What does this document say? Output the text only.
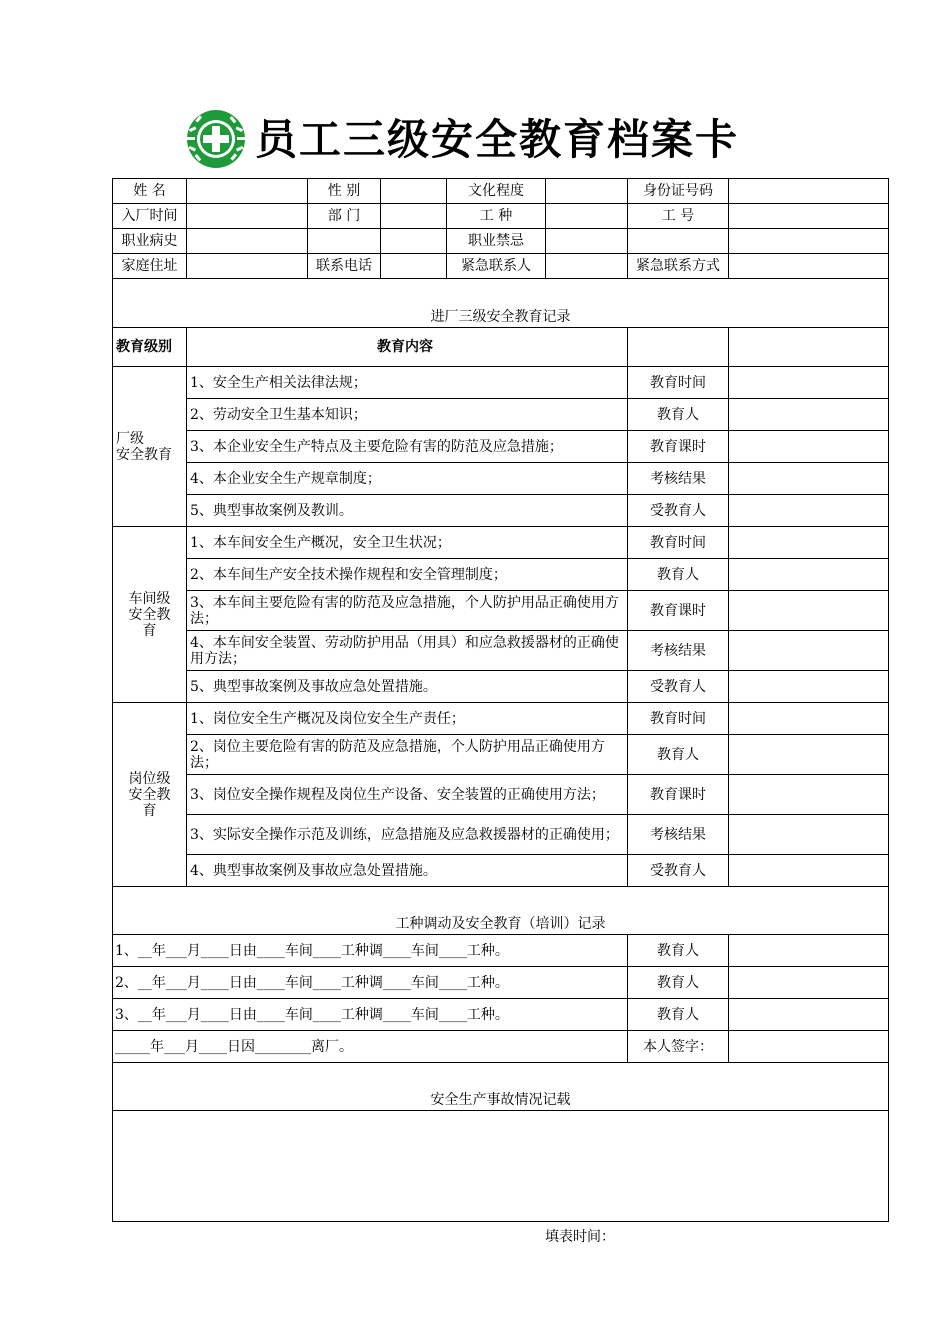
员工三级安全教育档案卡
姓 名		性 别		文化程度		身份证号码	
入厂时间		部 门		工 种		工 号	
职业病史				职业禁忌			
家庭住址		联系电话		紧急联系人		紧急联系方式	
进厂三级安全教育记录							
教育级别	教育内容						
厂级
安全教育	1、安全生产相关法律法规；					教育时间	
	2、劳动安全卫生基本知识；					教育人	
	3、本企业安全生产特点及主要危险有害的防范及应急措施；					教育课时	
	4、本企业安全生产规章制度；					考核结果	
	5、典型事故案例及教训。					受教育人	
车间级
安全教
育	1、本车间安全生产概况，安全卫生状况；					教育时间	
	2、本车间生产安全技术操作规程和安全管理制度；					教育人	
	3、本车间主要危险有害的防范及应急措施，个人防护用品正确使用方法；					教育课时	
	4、本车间安全装置、劳动防护用品（用具）和应急救援器材的正确使用方法；					考核结果	
	5、典型事故案例及事故应急处置措施。					受教育人	
岗位级
安全教
育	1、岗位安全生产概况及岗位安全生产责任；					教育时间	
	2、岗位主要危险有害的防范及应急措施，个人防护用品正确使用方法；					教育人	
	3、岗位安全操作规程及岗位生产设备、安全装置的正确使用方法；					教育课时	
	3、实际安全操作示范及训练，应急措施及应急救援器材的正确使用；					考核结果	
	4、典型事故案例及事故应急处置措施。					受教育人	
工种调动及安全教育（培训）记录							
1、__年___月____日由____车间____工种调____车间____工种。						教育人	
2、__年___月____日由____车间____工种调____车间____工种。						教育人	
3、__年___月____日由____车间____工种调____车间____工种。						教育人	
_____年___月____日因________离厂。						本人签字：	
安全生产事故情况记载							

填表时间：
